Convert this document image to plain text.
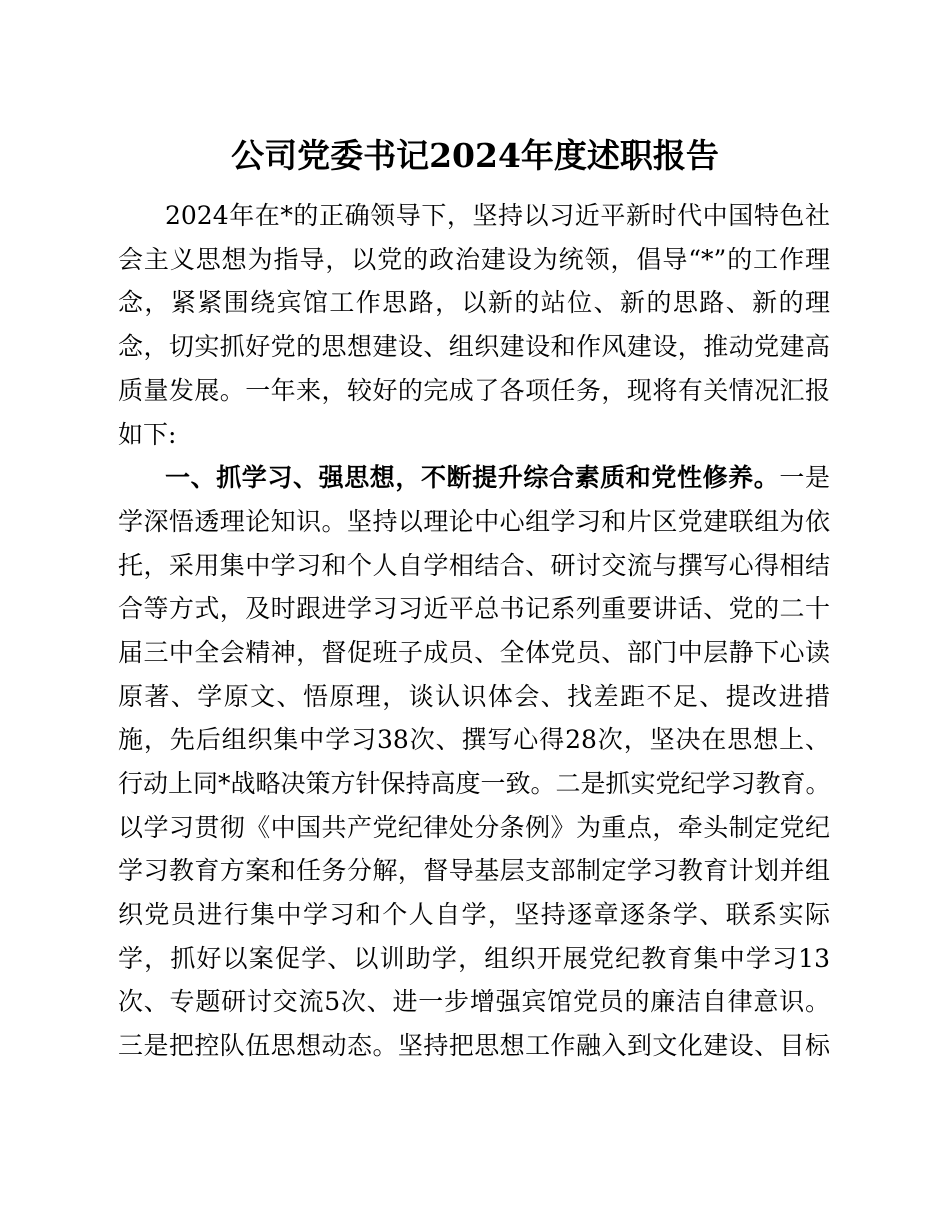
公司党委书记2024年度述职报告
2024年在*的正确领导下，坚持以习近平新时代中国特色社
会主义思想为指导，以党的政治建设为统领，倡导“*”的工作理
念，紧紧围绕宾馆工作思路，以新的站位、新的思路、新的理
念，切实抓好党的思想建设、组织建设和作风建设，推动党建高
质量发展。一年来，较好的完成了各项任务，现将有关情况汇报
如下:
一、抓学习、强思想，不断提升综合素质和党性修养。一是
学深悟透理论知识。坚持以理论中心组学习和片区党建联组为依
托，采用集中学习和个人自学相结合、研讨交流与撰写心得相结
合等方式，及时跟进学习习近平总书记系列重要讲话、党的二十
届三中全会精神，督促班子成员、全体党员、部门中层静下心读
原著、学原文、悟原理，谈认识体会、找差距不足、提改进措
施，先后组织集中学习38次、撰写心得28次，坚决在思想上、
行动上同*战略决策方针保持高度一致。二是抓实党纪学习教育。
以学习贯彻《中国共产党纪律处分条例》为重点，牵头制定党纪
学习教育方案和任务分解，督导基层支部制定学习教育计划并组
织党员进行集中学习和个人自学，坚持逐章逐条学、联系实际
学，抓好以案促学、以训助学，组织开展党纪教育集中学习13
次、专题研讨交流5次、进一步增强宾馆党员的廉洁自律意识。
三是把控队伍思想动态。坚持把思想工作融入到文化建设、目标
